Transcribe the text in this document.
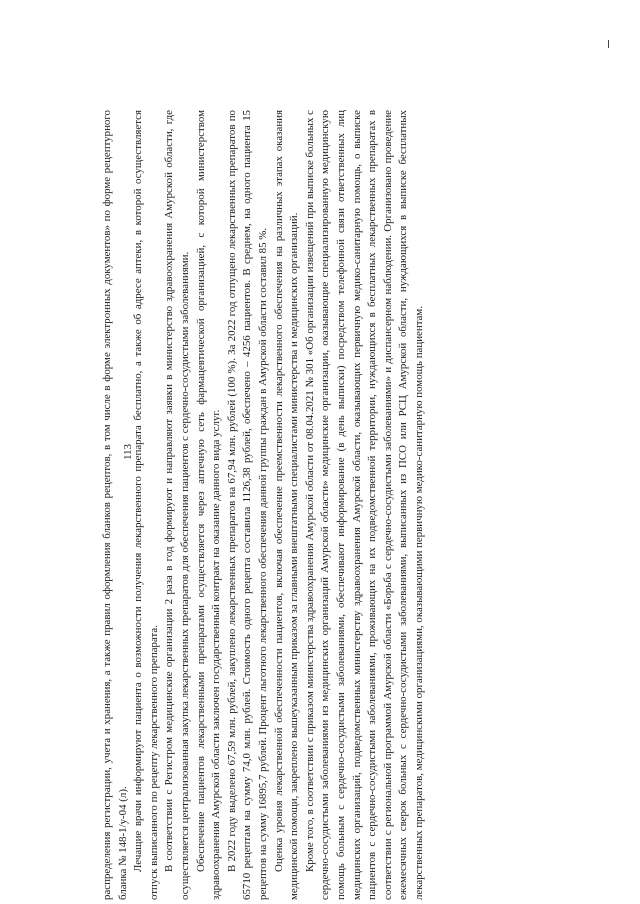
113

распределения регистрации, учета и хранения, а также правил оформления бланков рецептов, в том числе в форме электронных документов» по форме рецептурного бланка № 148-1/у-04 (л). Лечащие врачи информируют пациента о возможности получения лекарственного препарата бесплатно, а также об адресе аптеки, в которой осуществляется отпуск выписанного по рецепту лекарственного препарата. В соответствии с Регистром медицинские организации 2 раза в год формируют и направляют заявки в министерство здравоохранения Амурской области, где осуществляется централизованная закупка лекарственных препаратов для обеспечения пациентов с сердечно-сосудистыми заболеваниями. Обеспечение пациентов лекарственными препаратами осуществляется через аптечную сеть фармацевтической организацией, с которой министерством здравоохранения Амурской области заключен государственный контракт на оказание данного вида услуг. В 2022 году выделено 67,59 млн. рублей, закуплено лекарственных препаратов на 67,94 млн. рублей (100 %). За 2022 год отпущено лекарственных препаратов по 65710 рецептам на сумму 74,0 млн. рублей. Стоимость одного рецепта составила 1126,38 рублей, обеспечено – 4256 пациентов. В среднем, на одного пациента 15 рецептов на сумму 16895,7 рублей. Процент льготного лекарственного обеспечения данной группы граждан в Амурской области составил 85 %. Оценка уровня лекарственной обеспеченности пациентов, включая обеспечение преемственности лекарственного обеспечения на различных этапах оказания медицинской помощи, закреплено вышеуказанным приказом за главными внештатными специалистами министерства и медицинских организаций. Кроме того, в соответствии с приказом министерства здравоохранения Амурской области от 08.04.2021 № 301 «Об организации извещений при выписке больных с сердечно-сосудистыми заболеваниями из медицинских организаций Амурской области» медицинские организации, оказывающие специализированную медицинскую помощь больным с сердечно-сосудистыми заболеваниями, обеспечивают информирование (в день выписки) посредством телефонной связи ответственных лиц медицинских организаций, подведомственных министерству здравоохранения Амурской области, оказывающих первичную медико-санитарную помощь, о выписке пациентов с сердечно-сосудистыми заболеваниями, проживающих на их подведомственной территории, нуждающихся в бесплатных лекарственных препаратах в соответствии с региональной программой Амурской области «Борьба с сердечно-сосудистыми заболеваниями» и диспансерном наблюдении. Организовано проведение ежемесячных сверок больных с сердечно-сосудистыми заболеваниями, выписанных из ПСО или РСЦ Амурской области, нуждающихся в выписке бесплатных лекарственных препаратов, медицинскими организациями, оказывающими первичную медико-санитарную помощь пациентам.
